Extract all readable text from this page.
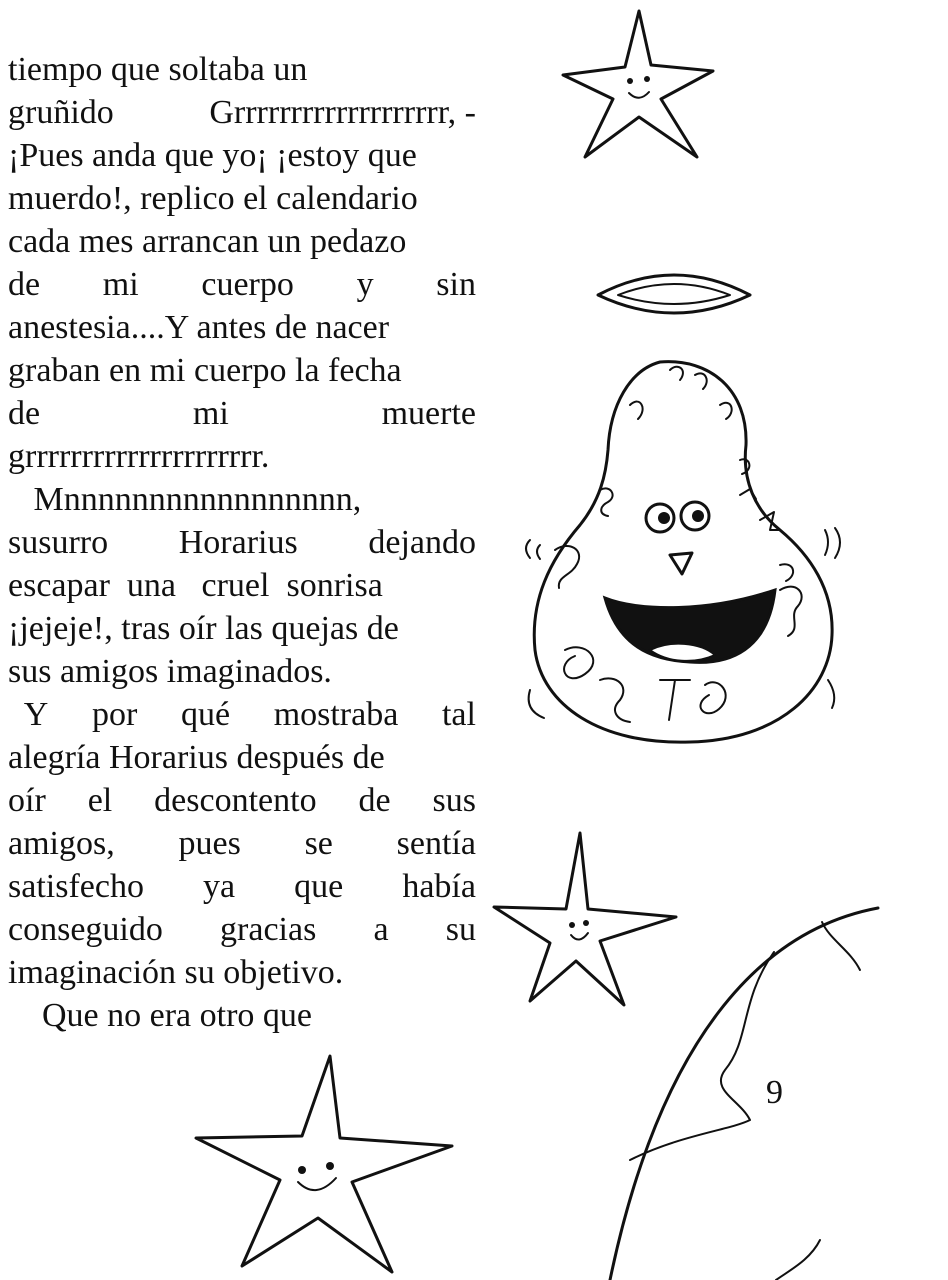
tiempo que soltaba un
gruñido	Grrrrrrrrrrrrrrrrrrr, -
¡Pues anda que yo¡ ¡estoy que
muerdo!, replico el calendario
cada mes arrancan un pedazo
de mi cuerpo y sin
anestesia....Y antes de nacer
graban en mi cuerpo la fecha
de	mi	muerte
grrrrrrrrrrrrrrrrrrrrr.
Mnnnnnnnnnnnnnnnnn,
susurro Horarius dejando
escapar  una   cruel  sonrisa
¡jejeje!, tras oír las quejas de
sus amigos imaginados.
Y por qué mostraba tal
alegría Horarius después de
oír el descontento de sus
amigos, pues se sentía
satisfecho ya que había
conseguido gracias a su
imaginación su objetivo.
Que no era otro que
9
